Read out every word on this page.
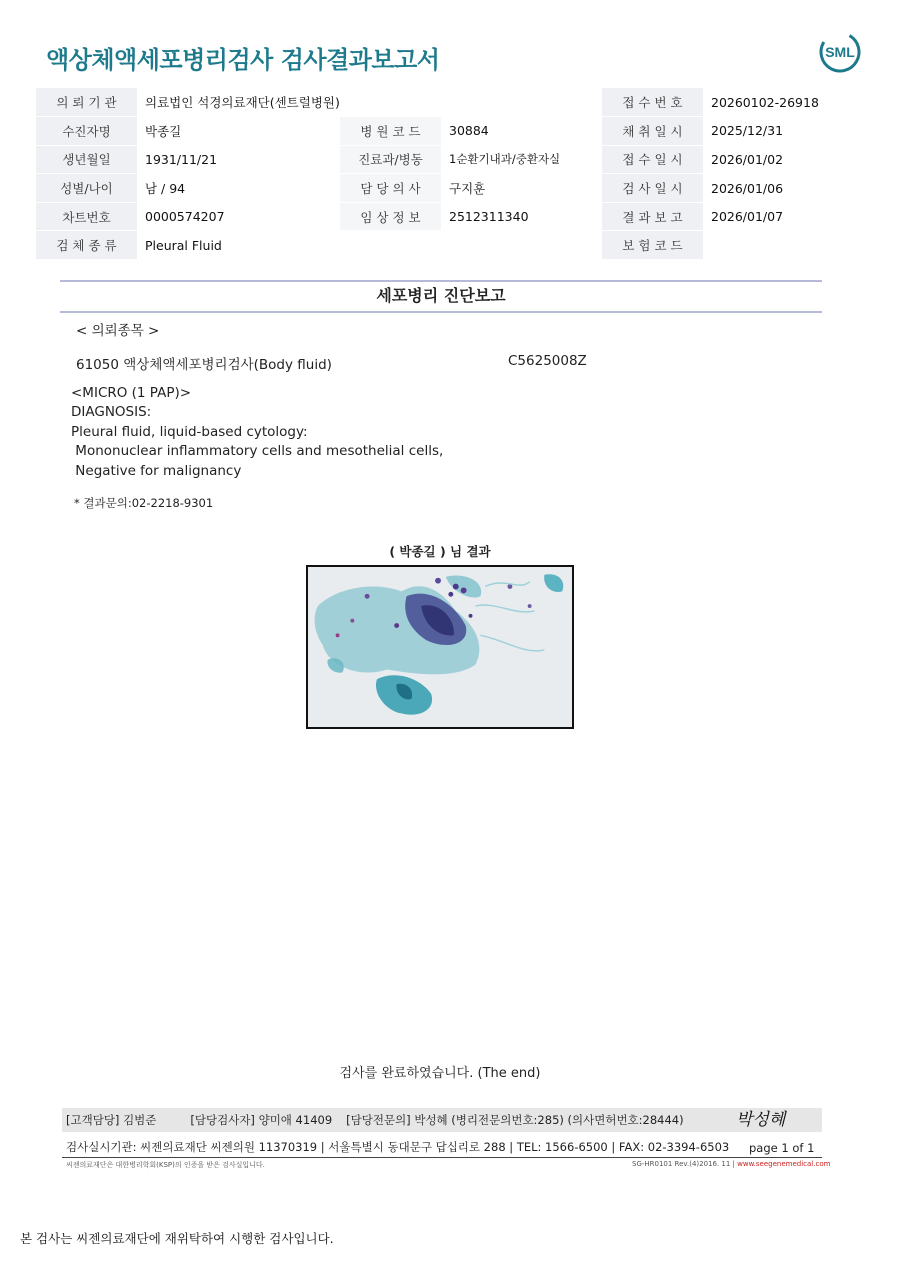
액상체액세포병리검사 검사결과보고서	SML
의 뢰 기 관	의료법인 석경의료재단(센트럴병원)			접 수 번 호	20260102-26918
수진자명	박종길	병 원 코 드	30884	채 취 일 시	2025/12/31
생년월일	1931/11/21	진료과/병동	1순환기내과/중환자실	접 수 일 시	2026/01/02
성별/나이	남 / 94	담 당 의 사	구지훈	검 사 일 시	2026/01/06
차트번호	0000574207	임 상 정 보	2512311340	결 과 보 고	2026/01/07
검 체 종 류	Pleural Fluid			보 험 코 드	
세포병리 진단보고
< 의뢰종목 >
61050 액상체액세포병리검사(Body fluid)	C5625008Z
<MICRO (1 PAP)>
DIAGNOSIS:
Pleural fluid, liquid-based cytology:
Mononuclear inflammatory cells and mesothelial cells,
Negative for malignancy
* 결과문의:02-2218-9301
( 박종길 ) 님 결과
검사를 완료하였습니다. (The end)
[고객담당] 김범준	[담당검사자] 양미애 41409 [담당전문의] 박성혜 (병리전문의번호:285) (의사면허번호:28444)	박성혜
검사실시기관: 씨젠의료재단 씨젠의원 11370319 | 서울특별시 동대문구 답십리로 288 | TEL: 1566-6500 | FAX: 02-3394-6503 page 1 of 1
씨젠의료재단은 대한병리학회(KSP)의 인증을 받은 검사실입니다.	SG-HR0101 Rev.(4)2016. 11 | www.seegenemedical.com
본 검사는 씨젠의료재단에 재위탁하여 시행한 검사입니다.
